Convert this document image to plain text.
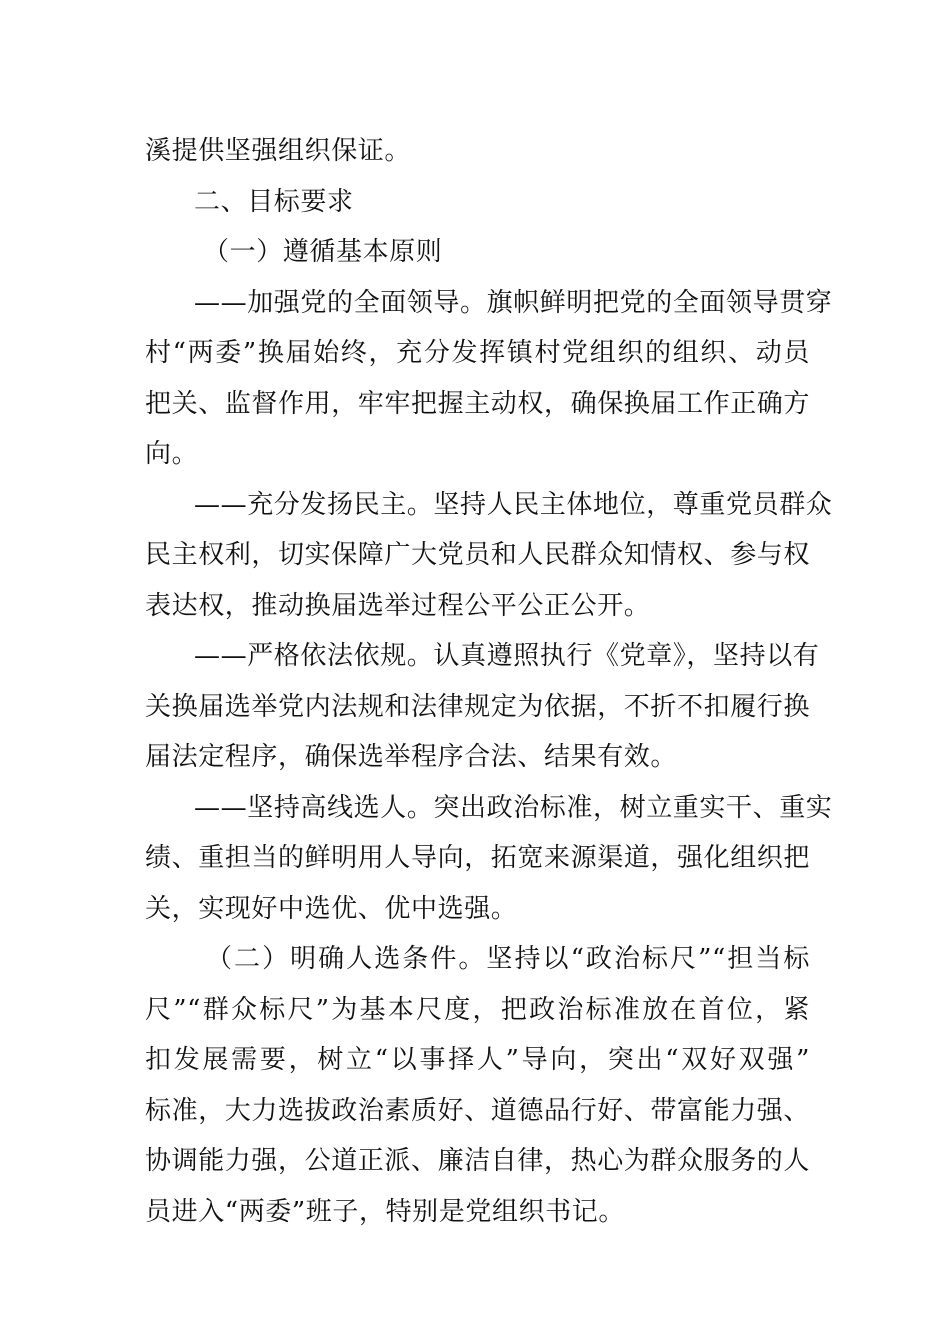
溪提供坚强组织保证。
二、目标要求
（一）遵循基本原则
——加强党的全面领导。旗帜鲜明把党的全面领导贯穿
村“两委”换届始终，充分发挥镇村党组织的组织、动员
把关、监督作用，牢牢把握主动权，确保换届工作正确方
向。
——充分发扬民主。坚持人民主体地位，尊重党员群众
民主权利，切实保障广大党员和人民群众知情权、参与权
表达权，推动换届选举过程公平公正公开。
——严格依法依规。认真遵照执行《党章》，坚持以有
关换届选举党内法规和法律规定为依据，不折不扣履行换
届法定程序，确保选举程序合法、结果有效。
——坚持高线选人。突出政治标准，树立重实干、重实
绩、重担当的鲜明用人导向，拓宽来源渠道，强化组织把
关，实现好中选优、优中选强。
（二）明确人选条件。坚持以“政治标尺”“担当标
尺”“群众标尺”为基本尺度，把政治标准放在首位，紧
扣发展需要，树立“以事择人”导向，突出“双好双强”
标准，大力选拔政治素质好、道德品行好、带富能力强、
协调能力强，公道正派、廉洁自律，热心为群众服务的人
员进入“两委”班子，特别是党组织书记。
